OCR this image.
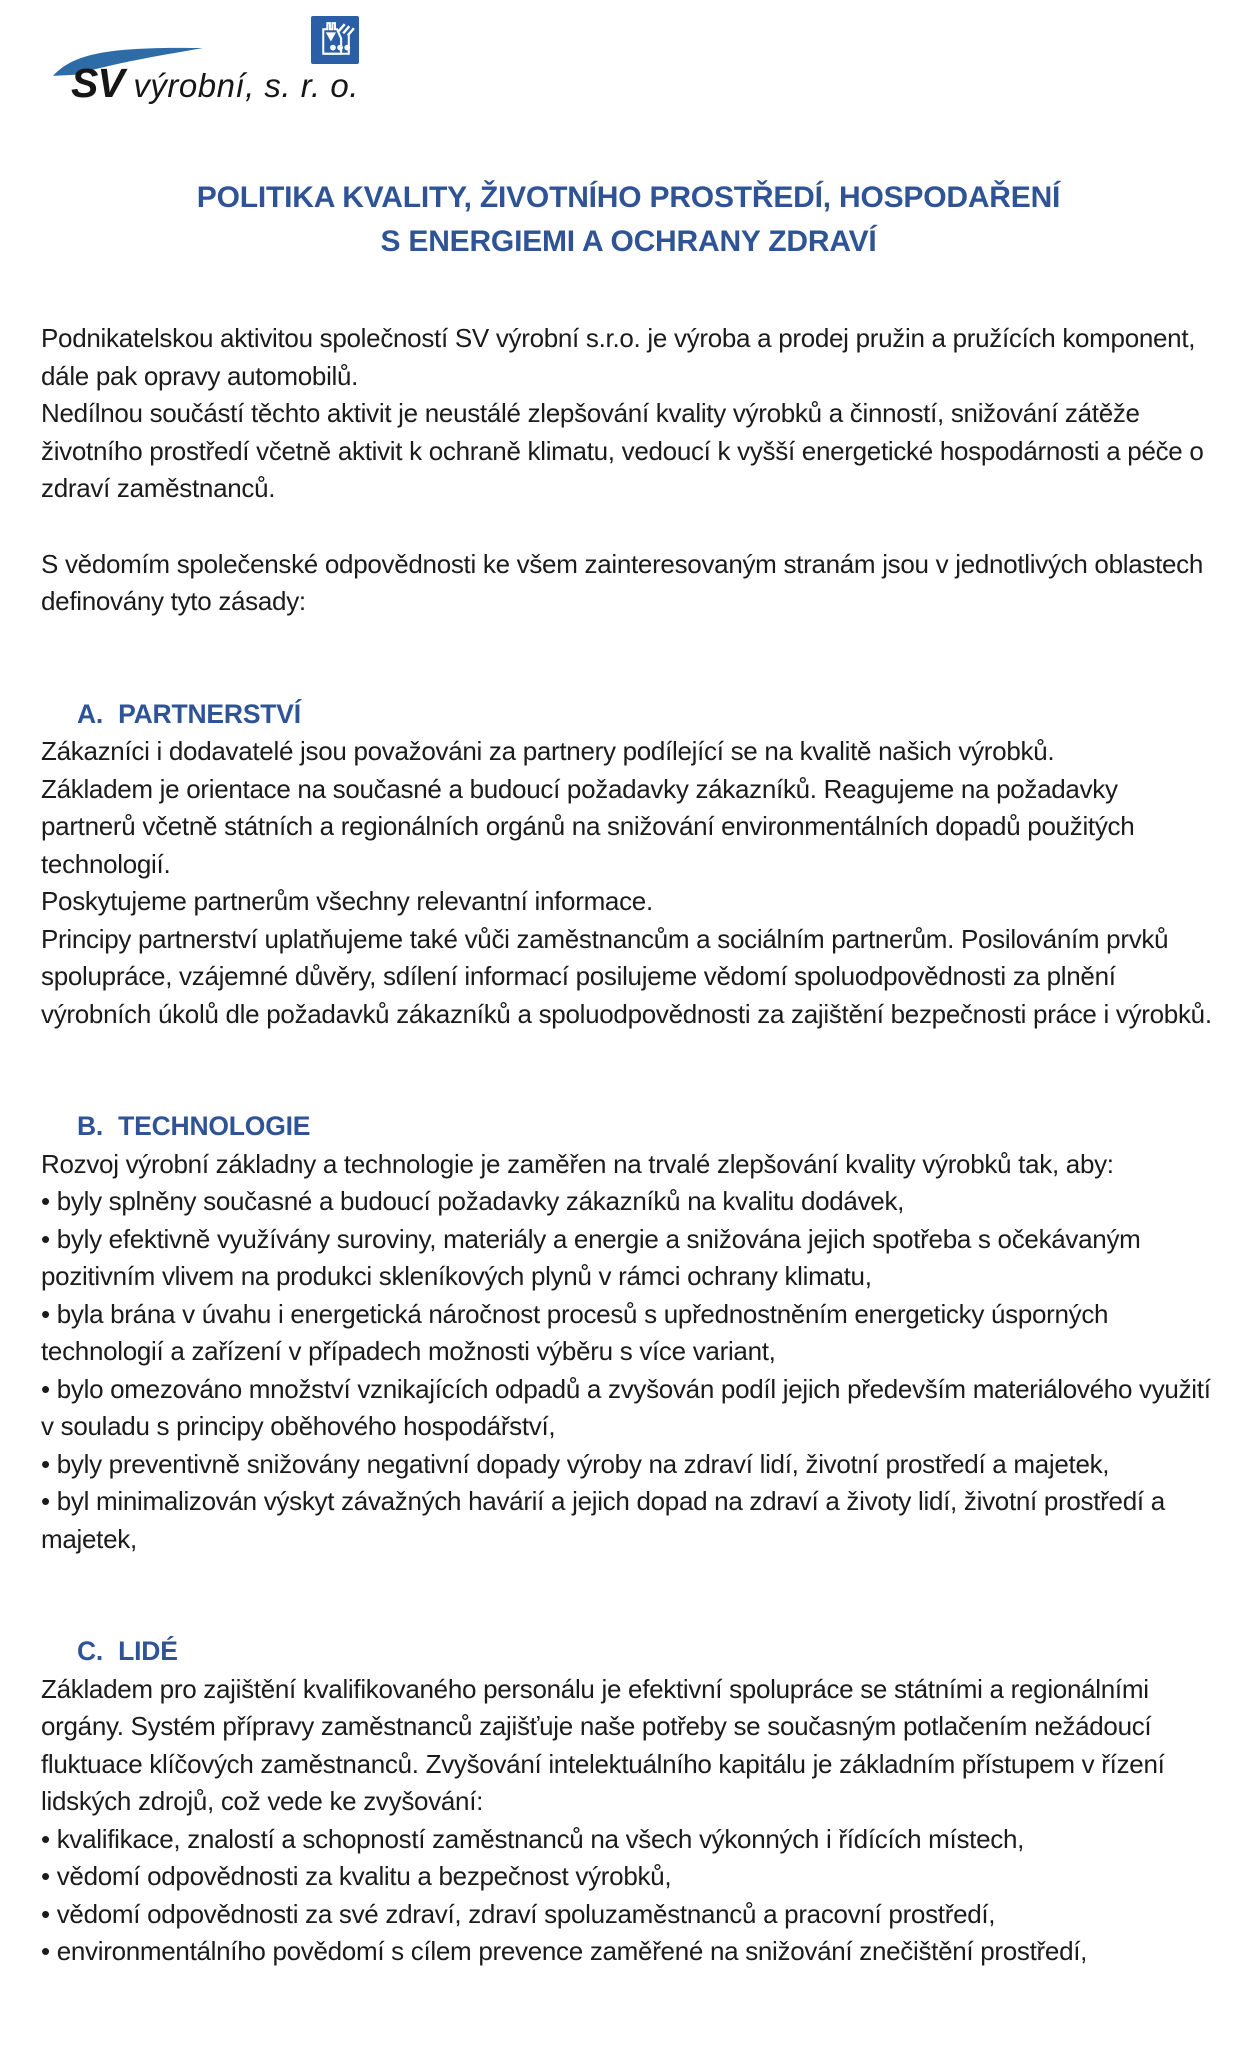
SV výrobní, s. r. o.
POLITIKA KVALITY, ŽIVOTNÍHO PROSTŘEDÍ, HOSPODAŘENÍ
S ENERGIEMI A OCHRANY ZDRAVÍ

Podnikatelskou aktivitou společností SV výrobní s.r.o. je výroba a prodej pružin a pružících komponent, dále pak opravy automobilů.

Nedílnou součástí těchto aktivit je neustálé zlepšování kvality výrobků a činností, snižování zátěže životního prostředí včetně aktivit k ochraně klimatu, vedoucí k vyšší energetické hospodárnosti a péče o zdraví zaměstnanců.

S vědomím společenské odpovědnosti ke všem zainteresovaným stranám jsou v jednotlivých oblastech definovány tyto zásady:

A. PARTNERSTVÍ

Zákazníci i dodavatelé jsou považováni za partnery podílející se na kvalitě našich výrobků.

Základem je orientace na současné a budoucí požadavky zákazníků. Reagujeme na požadavky partnerů včetně státních a regionálních orgánů na snižování environmentálních dopadů použitých technologií.

Poskytujeme partnerům všechny relevantní informace.

Principy partnerství uplatňujeme také vůči zaměstnancům a sociálním partnerům. Posilováním prvků spolupráce, vzájemné důvěry, sdílení informací posilujeme vědomí spoluodpovědnosti za plnění výrobních úkolů dle požadavků zákazníků a spoluodpovědnosti za zajištění bezpečnosti práce i výrobků.

B. TECHNOLOGIE

Rozvoj výrobní základny a technologie je zaměřen na trvalé zlepšování kvality výrobků tak, aby:

• byly splněny současné a budoucí požadavky zákazníků na kvalitu dodávek,

• byly efektivně využívány suroviny, materiály a energie a snižována jejich spotřeba s očekávaným pozitivním vlivem na produkci skleníkových plynů v rámci ochrany klimatu,

• byla brána v úvahu i energetická náročnost procesů s upřednostněním energeticky úsporných technologií a zařízení v případech možnosti výběru s více variant,

• bylo omezováno množství vznikajících odpadů a zvyšován podíl jejich především materiálového využití v souladu s principy oběhového hospodářství,

• byly preventivně snižovány negativní dopady výroby na zdraví lidí, životní prostředí a majetek,

• byl minimalizován výskyt závažných havárií a jejich dopad na zdraví a životy lidí, životní prostředí a majetek,

C. LIDÉ

Základem pro zajištění kvalifikovaného personálu je efektivní spolupráce se státními a regionálními orgány. Systém přípravy zaměstnanců zajišťuje naše potřeby se současným potlačením nežádoucí fluktuace klíčových zaměstnanců. Zvyšování intelektuálního kapitálu je základním přístupem v řízení lidských zdrojů, což vede ke zvyšování:

• kvalifikace, znalostí a schopností zaměstnanců na všech výkonných i řídících místech,

• vědomí odpovědnosti za kvalitu a bezpečnost výrobků,

• vědomí odpovědnosti za své zdraví, zdraví spoluzaměstnanců a pracovní prostředí,

• environmentálního povědomí s cílem prevence zaměřené na snižování znečištění prostředí,
